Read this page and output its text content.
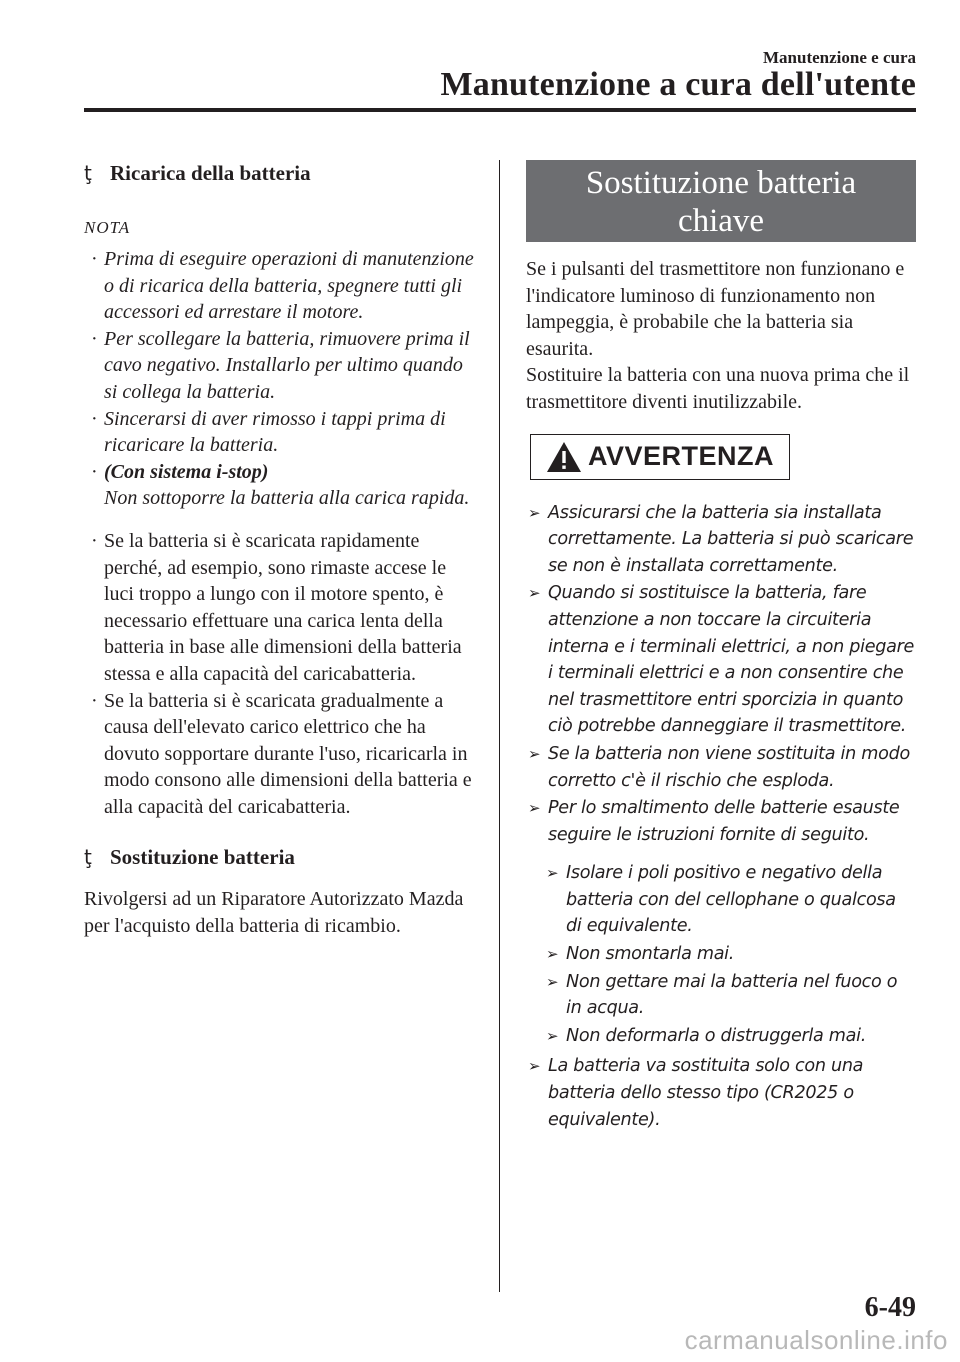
Manutenzione e cura
Manutenzione a cura dell'utente
ţ Ricarica della batteria
NOTA
· Prima di eseguire operazioni di manutenzione o di ricarica della batteria, spegnere tutti gli accessori ed arrestare il motore.
· Per scollegare la batteria, rimuovere prima il cavo negativo. Installarlo per ultimo quando si collega la batteria.
· Sincerarsi di aver rimosso i tappi prima di ricaricare la batteria.
· (Con sistema i-stop)
Non sottoporre la batteria alla carica rapida.
· Se la batteria si è scaricata rapidamente perché, ad esempio, sono rimaste accese le luci troppo a lungo con il motore spento, è necessario effettuare una carica lenta della batteria in base alle dimensioni della batteria stessa e alla capacità del caricabatteria.
· Se la batteria si è scaricata gradualmente a causa dell'elevato carico elettrico che ha dovuto sopportare durante l'uso, ricaricarla in modo consono alle dimensioni della batteria e alla capacità del caricabatteria.
ţ Sostituzione batteria

Rivolgersi ad un Riparatore Autorizzato Mazda per l'acquisto della batteria di ricambio.

Sostituzione batteria
chiave

Se i pulsanti del trasmettitore non funzionano e l'indicatore luminoso di funzionamento non lampeggia, è probabile che la batteria sia esaurita.

Sostituire la batteria con una nuova prima che il trasmettitore diventi inutilizzabile.

AVVERTENZA
➢ Assicurarsi che la batteria sia installata correttamente. La batteria si può scaricare se non è installata correttamente.
➢ Quando si sostituisce la batteria, fare attenzione a non toccare la circuiteria interna e i terminali elettrici, a non piegare i terminali elettrici e a non consentire che nel trasmettitore entri sporcizia in quanto ciò potrebbe danneggiare il trasmettitore.
➢ Se la batteria non viene sostituita in modo corretto c'è il rischio che esploda.
➢ Per lo smaltimento delle batterie esauste seguire le istruzioni fornite di seguito.
➢ Isolare i poli positivo e negativo della batteria con del cellophane o qualcosa di equivalente.
➢ Non smontarla mai.
➢ Non gettare mai la batteria nel fuoco o in acqua.
➢ Non deformarla o distruggerla mai.
➢ La batteria va sostituita solo con una batteria dello stesso tipo (CR2025 o equivalente).
6-49
carmanualsonline.info
